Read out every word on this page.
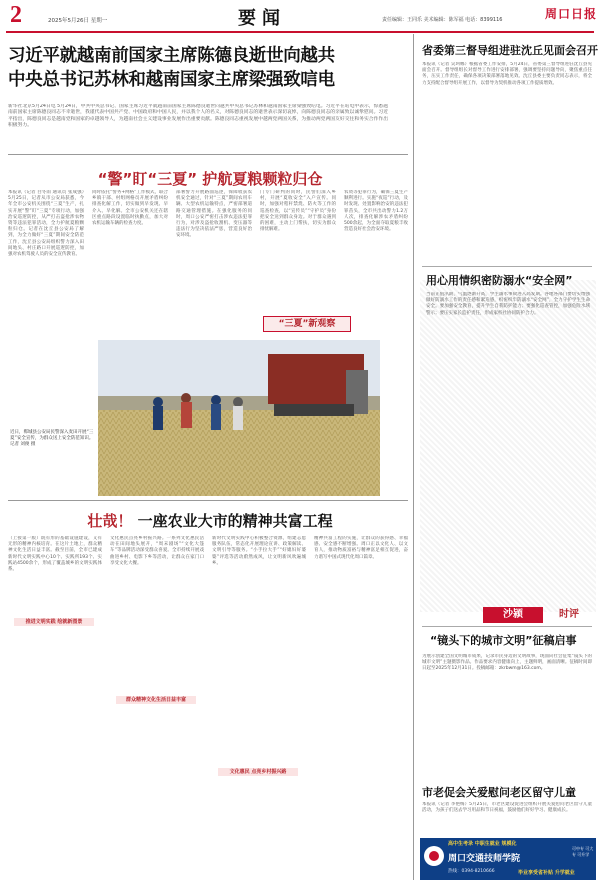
2	2025年5月26日 星期一	要闻	责任编辑：王同乐 美术编辑：陈军福 电话：8399116	周口日报
习近平就越南前国家主席陈德良逝世向越共
中央总书记苏林和越南国家主席梁强致唁电
新华社北京5月24日电 5月24日，中共中央总书记、国家主席习近平就越南前国家主席陈德良逝世向越共中央总书记苏林和越南国家主席梁强致唁电。习近平在唁电中表示，惊悉越南前国家主席陈德良同志不幸逝世，我谨代表中国共产党、中国政府和中国人民，并以我个人的名义，对陈德良同志的逝世表示深切哀悼，向陈德良同志的亲属致以诚挚慰问。习近平指出，陈德良同志是越南党和国家的卓越领导人，为越南社会主义建设事业发展作出重要贡献。陈德良同志重视发展中越两党两国关系，为推动两党两国友好交往和务实合作作出积极努力。
“警”盯“三夏” 护航夏粮颗粒归仓
本报讯（记者 白冬雨 通讯员 张成强）5月25日，记者从市公安局获悉，今年全市公安机关围绕“三夏”生产，扎实开展“警”盯“三夏”专项行动，加强治安巡逻防控，从严打击盗抢涉农物资等违法犯罪活动，全力护航夏粮颗粒归仓。记者在沈丘县公安局了解到，为全力做好“三夏”期间安全防范工作，沈丘县公安局组织警力深入田间地头、村庄路口开展巡逻防控，加强对农机驾驶人员的安全宣传教育。
同时依托“警务+网格”工作模式，联合乡镇干部、村组网格员开展矛盾纠纷排查化解工作，切实做到早发现、早介入、早化解。全市公安机关还在辖区重点路段设置临时执勤点，加大对农机运输车辆的检查力度。
部署警力开展路面巡逻，保障收获农机安全通过，针对“三夏”期间农用车辆、大型农机运输特点，严密部署道路交通管理措施。在强化服务的同时，周口公安严密打击涉农违法犯罪行为，对涉及盗抢收割机、变压器等违法行为坚决依法严惩，营造良好治安环境。
门专门研判的同时，民警们深入乡村，开展“夏收安全”入户宣传。同时，加强对秸秆禁烧、防火等工作的巡查检查，以“宣传员”“守护员”身份把安全送到群众身边。对于群众遇到的困难，主动上门帮扶，切实为群众排忧解难。
农资等犯罪行为，确保三夏生产顺利进行。实施“夜巡”行动，及时发现、处置影响治安的违法犯罪苗头，全市共出动警力1.2万人次，排查化解涉农矛盾纠纷500余起，为全面夺取夏粮丰收营造良好社会治安环境。
“三夏”新观察
近日，郸城县公安局民警深入麦田开展“三夏”安全宣传，为群众送上安全防范知识。 记者 刘俊 摄
壮哉！ 一座农业大市的精神共富工程
（上接第一版）既有形的基础设施建设，又有无形的精神内核培育。在这片土地上，群众精神文化生活日益丰富。截至目前，全市已建成新时代文明实践中心10个、实践所193个、实践站4500余个，形成了覆盖城乡的文明实践体系。
文化惠民点亮乡村振兴路。一系列文化惠民活动在田间地头展开，“周末剧场”“文化大篷车”等品牌活动深受群众喜爱。全市持续开展戏曲进乡村、电影下乡等活动，让群众在家门口享受文化大餐。
新时代文明实践中心积极整合资源，组建志愿服务队伍，常态化开展理论宣讲、政策解读、文明引导等服务。“小手拉大手”“好媳妇好婆婆”评选等活动蔚然成风，让文明新风吹遍城乡。
精神共富工程的实施，让群众的获得感、幸福感、安全感不断增强。周口正以文化人、以文育人，推动物质富裕与精神富足相互促进，奋力谱写中国式现代化周口篇章。
推进文明实践 绘就新图景
群众精神文化生活日益丰富
文化惠民 点亮乡村振兴路
省委第三督导组进驻沈丘见面会召开
本报讯（记者 吴珂娜）根据省委工作安排，5月24日，省委第三督导组进驻沈丘县见面会召开。督导组组长对督导工作进行安排部署，强调要坚持问题导向，聚焦重点任务，压实工作责任，确保各项决策部署落地见效。沈丘县委主要负责同志表示，将全力支持配合督导组开展工作，以督导为契机推动各项工作提质增效。
用心用情织密防溺水“安全网”
当前正值汛期，气温逐渐升高，学生溺水事故进入高发期。各地各部门要切实增强做好防溺水工作的责任感和紧迫感，织密织牢防溺水“安全网”，全力守护学生生命安全。要加强安全教育，提升学生自我防护能力；要强化巡查管控，加强危险水域警示；要压实家长监护责任，形成家校社协同防护合力。
沙颍	时评
“镜头下的城市文明”征稿启事
为展示创建全国文明城市成果，记录市民身边的文明故事，现面向社会征集“镜头下的城市文明”主题摄影作品。作品要求内容健康向上，主题鲜明，画面清晰。征稿时间即日起至2025年12月31日。投稿邮箱：zkrbwm@163.com。
市老促会关爱慰问老区留守儿童
本报讯（记者 李艳梅）5月25日，市老区建设促进会组织开展关爱慰问老区留守儿童活动，为孩子们送去学习用品和节日祝福，鼓励他们好好学习、健康成长。
高中生考录 中职生就业 规模化
周口交通技师学院
热线：0394-8210666	毕业享受省补贴 升学就业
可中专 可大专 可升学
